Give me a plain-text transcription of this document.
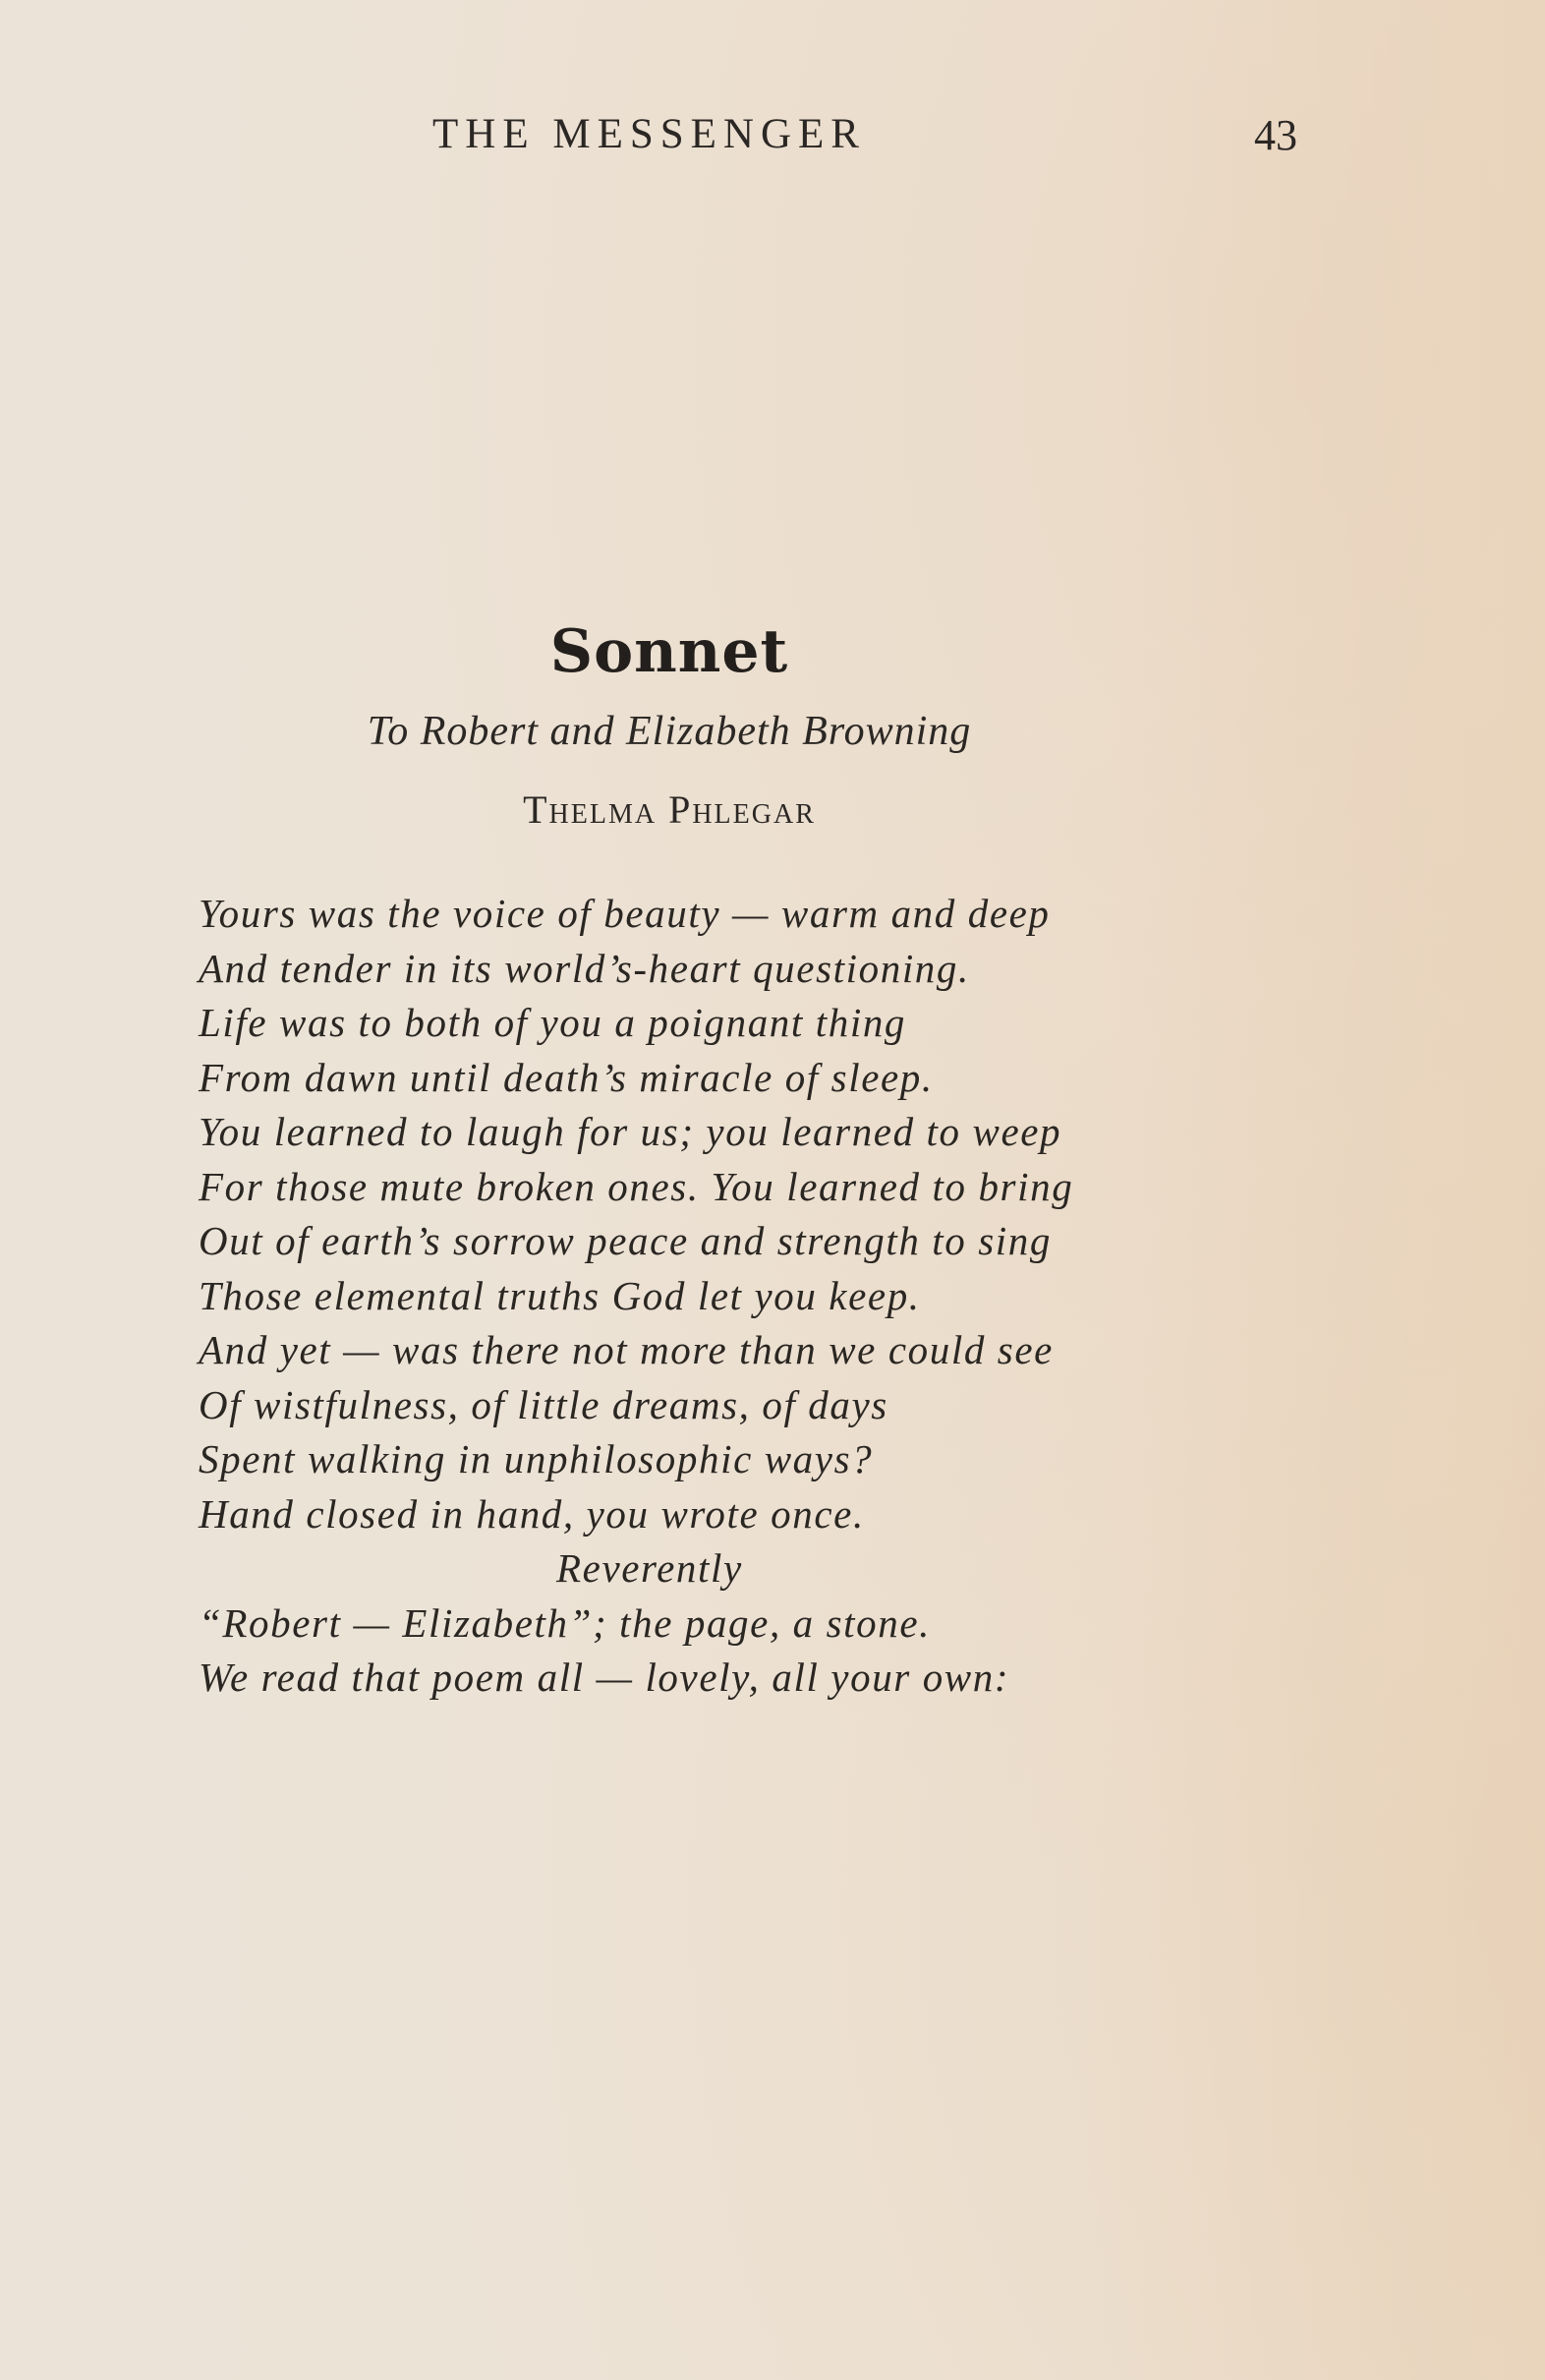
THE MESSENGER	43
Sonnet
To Robert and Elizabeth Browning
Thelma Phlegar
Yours was the voice of beauty — warm and deep
And tender in its world’s-heart questioning.
Life was to both of you a poignant thing
From dawn until death’s miracle of sleep.
You learned to laugh for us; you learned to weep
For those mute broken ones. You learned to bring
Out of earth’s sorrow peace and strength to sing
Those elemental truths God let you keep.
And yet — was there not more than we could see
Of wistfulness, of little dreams, of days
Spent walking in unphilosophic ways?
Hand closed in hand, you wrote once.
Reverently
“Robert — Elizabeth”; the page, a stone.
We read that poem all — lovely, all your own:
